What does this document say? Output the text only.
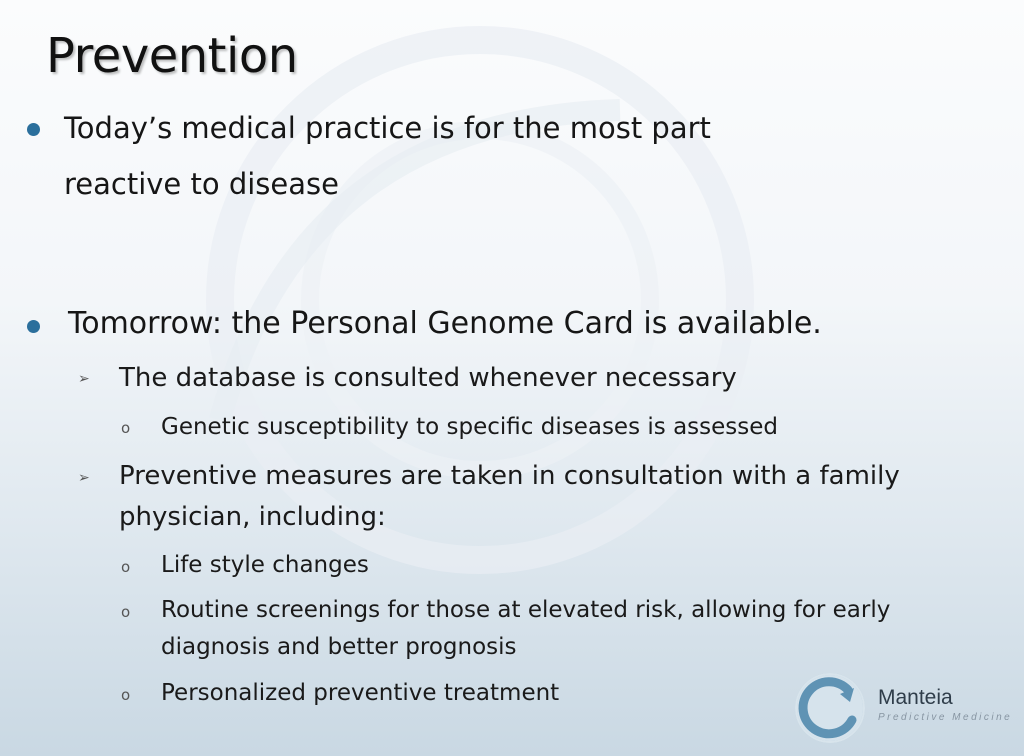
Prevention
Today’s medical practice is for the most part
reactive to disease
Tomorrow: the Personal Genome Card is available.
➢ The database is consulted whenever necessary
o Genetic susceptibility to specific diseases is assessed
➢ Preventive measures are taken in consultation with a family
physician, including:
o Life style changes
o Routine screenings for those at elevated risk, allowing for early
diagnosis and better prognosis
o Personalized preventive treatment	Manteia
Predictive Medicine
